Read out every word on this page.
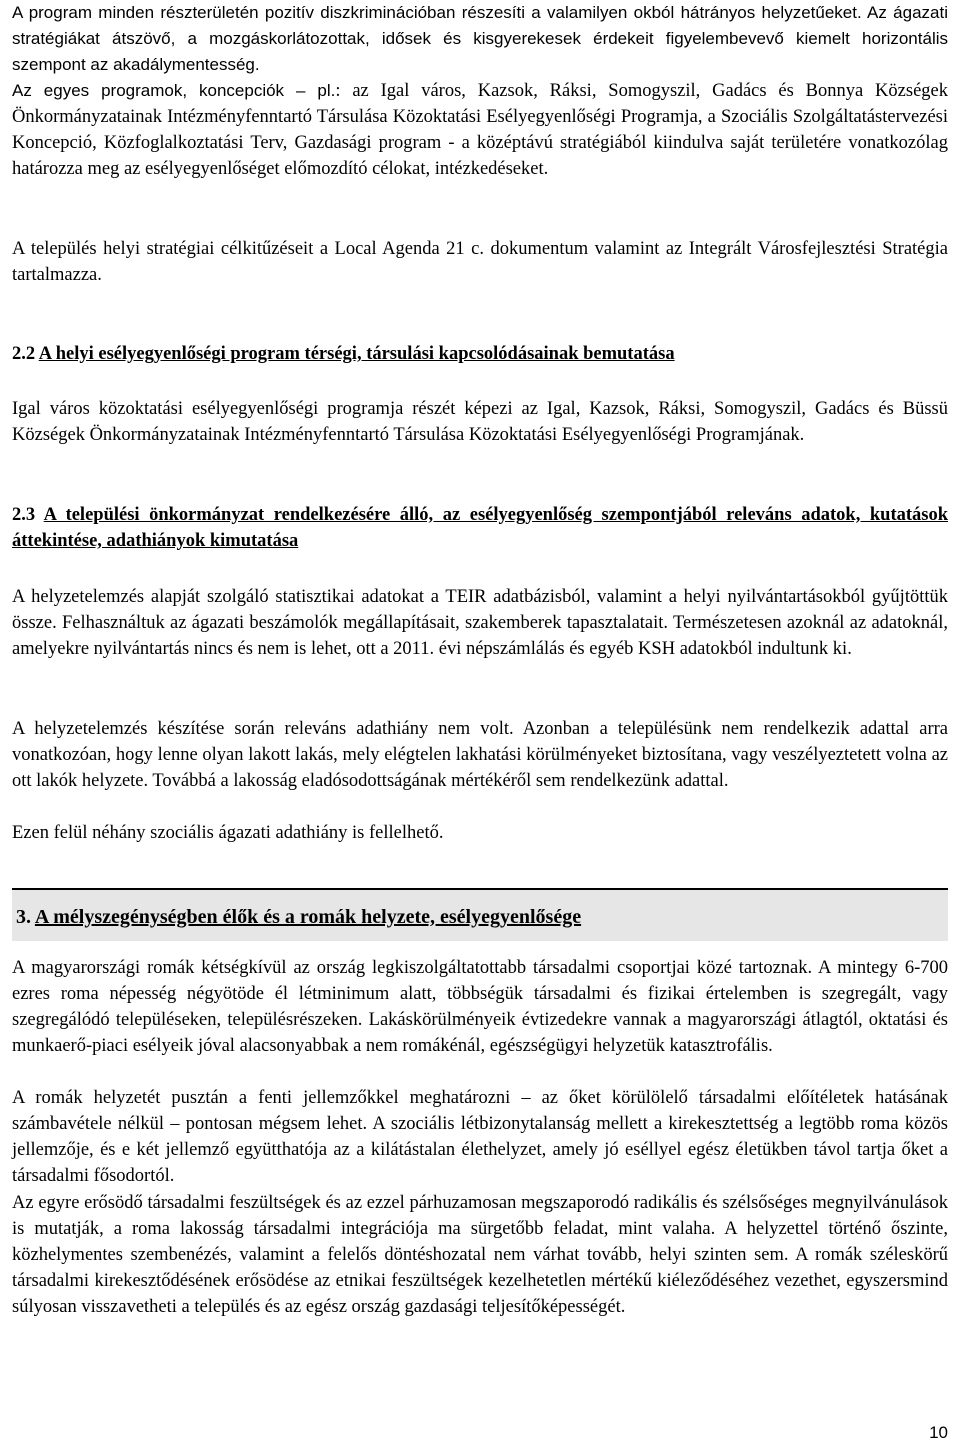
A program minden részterületén pozitív diszkriminációban részesíti a valamilyen okból hátrányos helyzetűeket. Az ágazati stratégiákat átszövő, a mozgáskorlátozottak, idősek és kisgyerekesek érdekeit figyelembevevő kiemelt horizontális szempont az akadálymentesség.

Az egyes programok, koncepciók – pl.: az Igal város, Kazsok, Ráksi, Somogyszil, Gadács és Bonnya Községek Önkormányzatainak Intézményfenntartó Társulása Közoktatási Esélyegyenlőségi Programja, a Szociális Szolgáltatástervezési Koncepció, Közfoglalkoztatási Terv, Gazdasági program - a középtávú stratégiából kiindulva saját területére vonatkozólag határozza meg az esélyegyenlőséget előmozdító célokat, intézkedéseket.

A település helyi stratégiai célkitűzéseit a Local Agenda 21 c. dokumentum valamint az Integrált Városfejlesztési Stratégia tartalmazza.

2.2 A helyi esélyegyenlőségi program térségi, társulási kapcsolódásainak bemutatása

Igal város közoktatási esélyegyenlőségi programja részét képezi az Igal, Kazsok, Ráksi, Somogyszil, Gadács és Büssü Községek Önkormányzatainak Intézményfenntartó Társulása Közoktatási Esélyegyenlőségi Programjának.

2.3 A települési önkormányzat rendelkezésére álló, az esélyegyenlőség szempontjából releváns adatok, kutatások áttekintése, adathiányok kimutatása

A helyzetelemzés alapját szolgáló statisztikai adatokat a TEIR adatbázisból, valamint a helyi nyilvántartásokból gyűjtöttük össze. Felhasználtuk az ágazati beszámolók megállapításait, szakemberek tapasztalatait. Természetesen azoknál az adatoknál, amelyekre nyilvántartás nincs és nem is lehet, ott a 2011. évi népszámlálás és egyéb KSH adatokból indultunk ki.

A helyzetelemzés készítése során releváns adathiány nem volt. Azonban a településünk nem rendelkezik adattal arra vonatkozóan, hogy lenne olyan lakott lakás, mely elégtelen lakhatási körülményeket biztosítana, vagy veszélyeztetett volna az ott lakók helyzete. Továbbá a lakosság eladósodottságának mértékéről sem rendelkezünk adattal.

Ezen felül néhány szociális ágazati adathiány is fellelhető.

3. A mélyszegénységben élők és a romák helyzete, esélyegyenlősége

A magyarországi romák kétségkívül az ország legkiszolgáltatottabb társadalmi csoportjai közé tartoznak. A mintegy 6-700 ezres roma népesség négyötöde él létminimum alatt, többségük társadalmi és fizikai értelemben is szegregált, vagy szegregálódó településeken, településrészeken. Lakáskörülményeik évtizedekre vannak a magyarországi átlagtól, oktatási és munkaerő-piaci esélyeik jóval alacsonyabbak a nem romákénál, egészségügyi helyzetük katasztrofális.

A romák helyzetét pusztán a fenti jellemzőkkel meghatározni – az őket körülölelő társadalmi előítéletek hatásának számbavétele nélkül – pontosan mégsem lehet. A szociális létbizonytalanság mellett a kirekesztettség a legtöbb roma közös jellemzője, és e két jellemző együtthatója az a kilátástalan élethelyzet, amely jó eséllyel egész életükben távol tartja őket a társadalmi fősodortól.

Az egyre erősödő társadalmi feszültségek és az ezzel párhuzamosan megszaporodó radikális és szélsőséges megnyilvánulások is mutatják, a roma lakosság társadalmi integrációja ma sürgetőbb feladat, mint valaha. A helyzettel történő őszinte, közhelymentes szembenézés, valamint a felelős döntéshozatal nem várhat tovább, helyi szinten sem. A romák széleskörű társadalmi kirekesztődésének erősödése az etnikai feszültségek kezelhetetlen mértékű kiéleződéséhez vezethet, egyszersmind súlyosan visszavetheti a település és az egész ország gazdasági teljesítőképességét.

10
